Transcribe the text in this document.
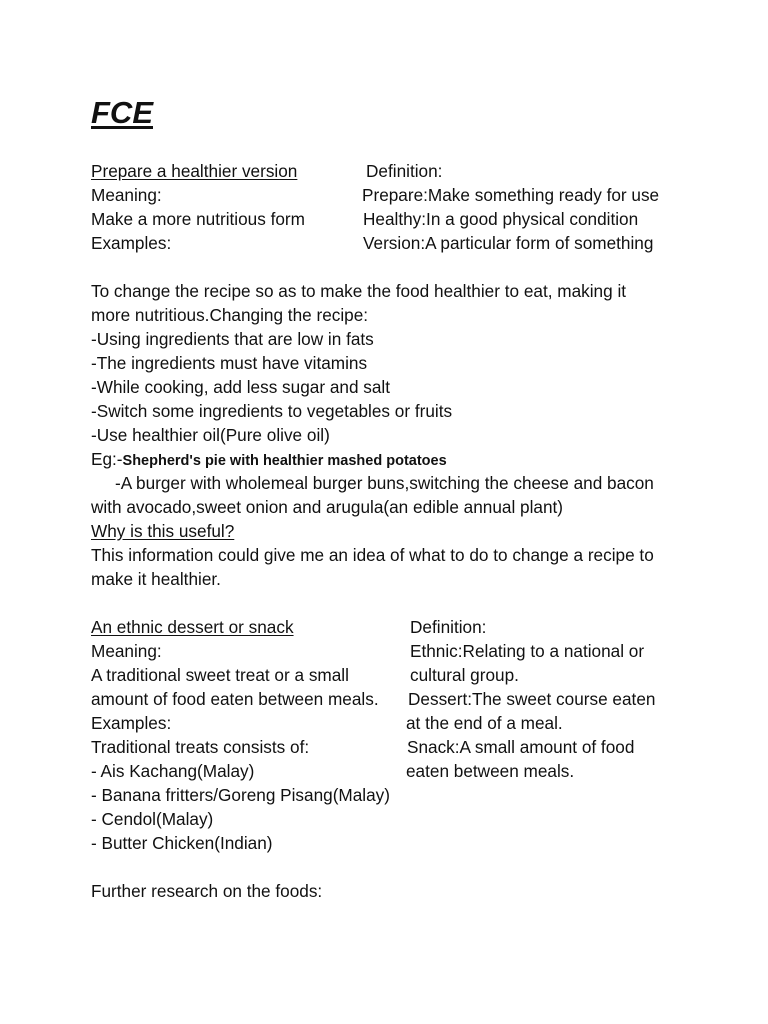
FCE

Prepare a healthier version	Definition:

Meaning:	Prepare:Make something ready for use

Make a more nutritious form	Healthy:In a good physical condition

Examples:	Version:A particular form of something

To change the recipe so as to make the food healthier to eat, making it

more nutritious.Changing the recipe:

-Using ingredients that are low in fats

-The ingredients must have vitamins

-While cooking, add less sugar and salt

-Switch some ingredients to vegetables or fruits

-Use healthier oil(Pure olive oil)

Eg:-Shepherd's pie with healthier mashed potatoes

-A burger with wholemeal burger buns,switching the cheese and bacon

with avocado,sweet onion and arugula(an edible annual plant)

Why is this useful?

This information could give me an idea of what to do to change a recipe to

make it healthier.

An ethnic dessert or snack	Definition:

Meaning:	Ethnic:Relating to a national or

A traditional sweet treat or a small	cultural group.

amount of food eaten between meals. Dessert:The sweet course eaten

Examples:	at the end of a meal.

Traditional treats consists of:	Snack:A small amount of food

- Ais Kachang(Malay)	eaten between meals.

- Banana fritters/Goreng Pisang(Malay)

- Cendol(Malay)

- Butter Chicken(Indian)

Further research on the foods:
